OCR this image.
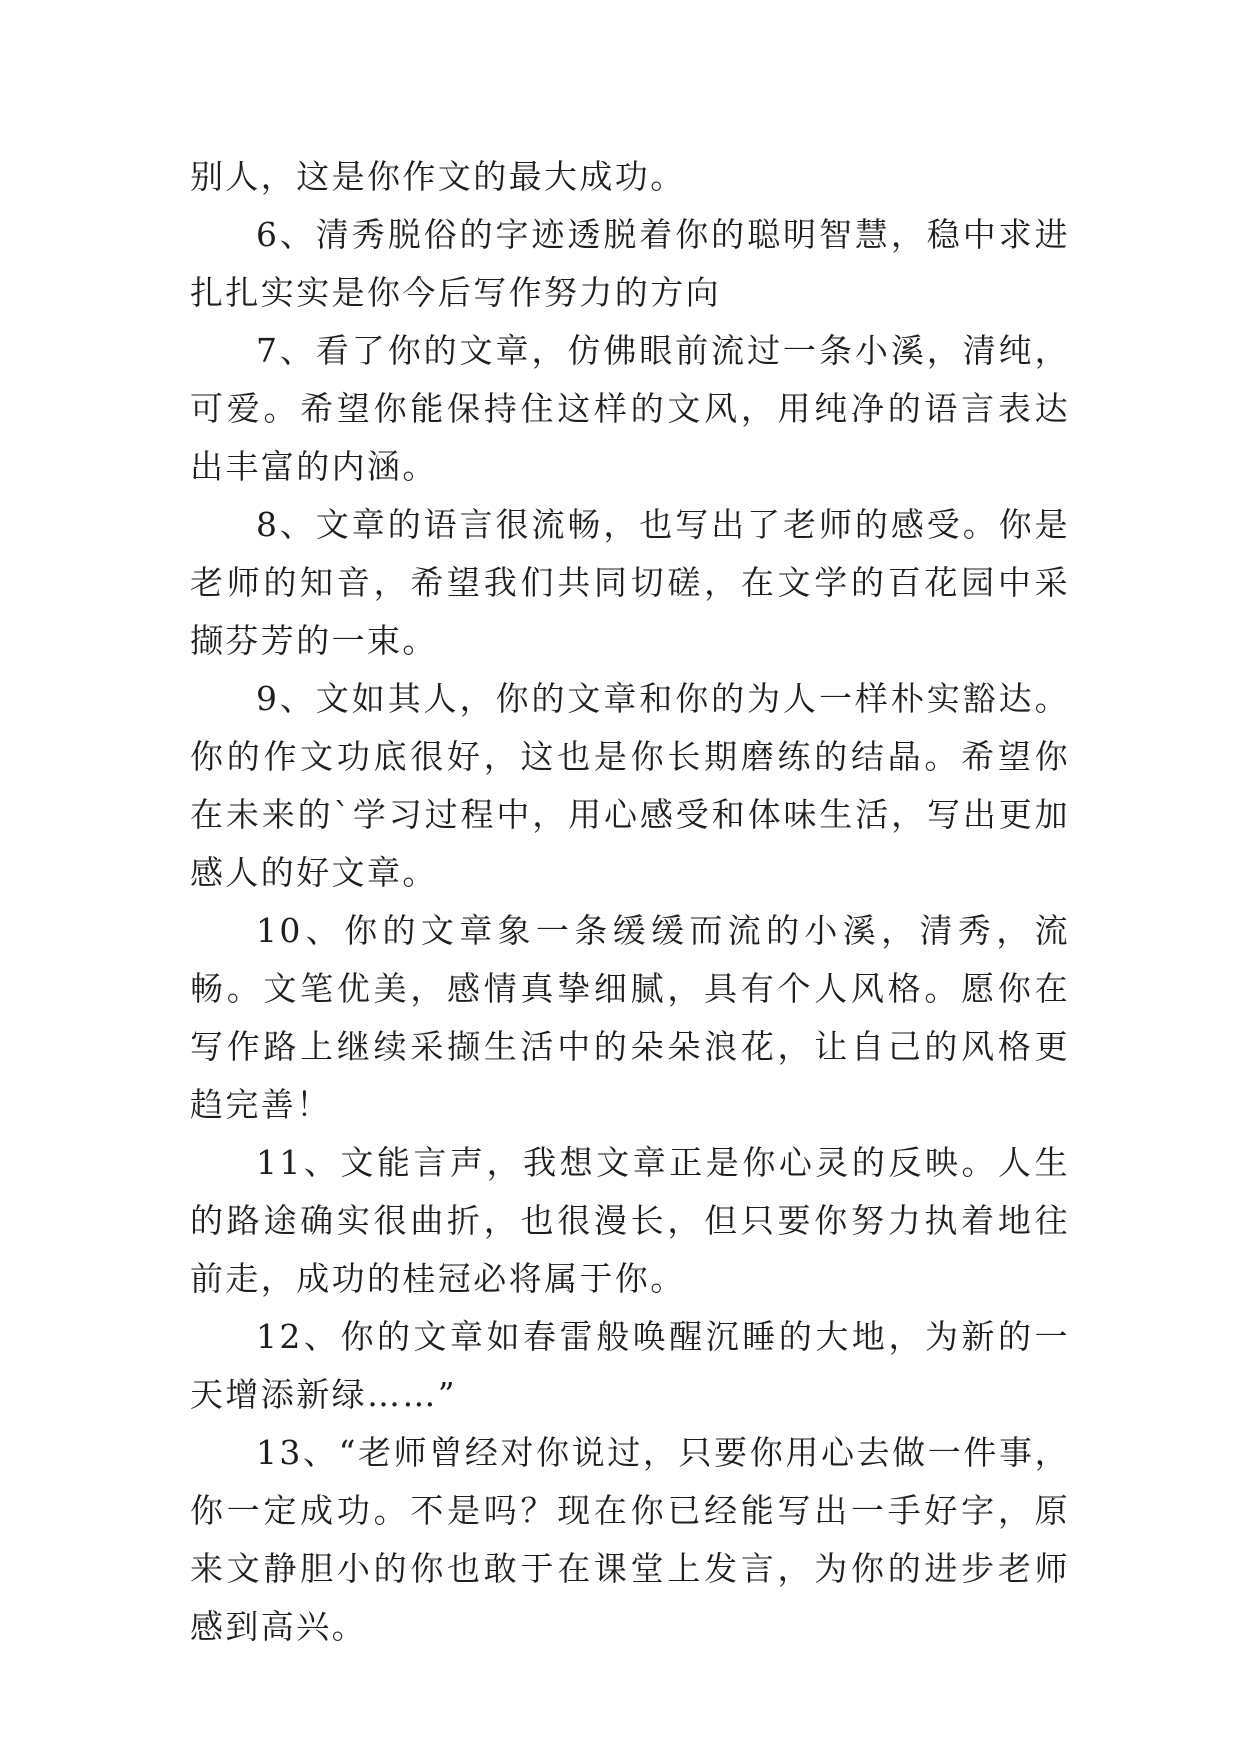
别人，这是你作文的最大成功。

6、清秀脱俗的字迹透脱着你的聪明智慧，稳中求进扎扎实实是你今后写作努力的方向

7、看了你的文章，仿佛眼前流过一条小溪，清纯，可爱。希望你能保持住这样的文风，用纯净的语言表达出丰富的内涵。

8、文章的语言很流畅，也写出了老师的感受。你是老师的知音，希望我们共同切磋，在文学的百花园中采撷芬芳的一束。

9、文如其人，你的文章和你的为人一样朴实豁达。你的作文功底很好，这也是你长期磨练的结晶。希望你在未来的`学习过程中，用心感受和体味生活，写出更加感人的好文章。

10、你的文章象一条缓缓而流的小溪，清秀，流畅。文笔优美，感情真挚细腻，具有个人风格。愿你在写作路上继续采撷生活中的朵朵浪花，让自己的风格更趋完善！

11、文能言声，我想文章正是你心灵的反映。人生的路途确实很曲折，也很漫长，但只要你努力执着地往前走，成功的桂冠必将属于你。

12、你的文章如春雷般唤醒沉睡的大地，为新的一天增添新绿……”

13、“老师曾经对你说过，只要你用心去做一件事，你一定成功。不是吗？现在你已经能写出一手好字，原来文静胆小的你也敢于在课堂上发言，为你的进步老师感到高兴。
